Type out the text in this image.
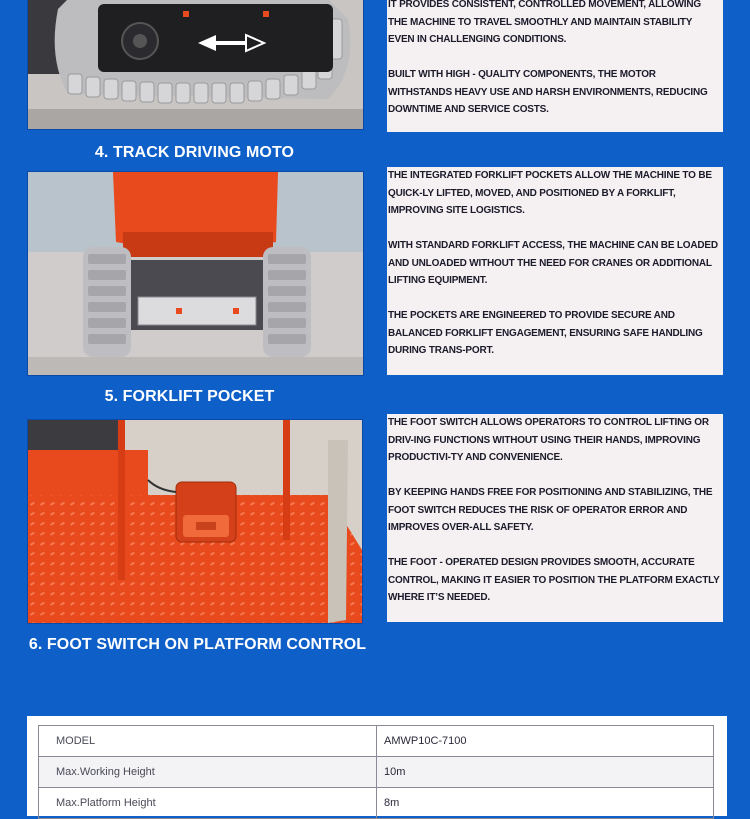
IT PROVIDES CONSISTENT, CONTROLLED MOVEMENT, ALLOWING THE MACHINE TO TRAVEL SMOOTHLY AND MAINTAIN STABILITY EVEN IN CHALLENGING CONDITIONS.

BUILT WITH HIGH - QUALITY COMPONENTS, THE MOTOR WITHSTANDS HEAVY USE AND HARSH ENVIRONMENTS, REDUCING DOWNTIME AND SERVICE COSTS.

4. TRACK DRIVING MOTO

THE INTEGRATED FORKLIFT POCKETS ALLOW THE MACHINE TO BE QUICK-LY LIFTED, MOVED, AND POSITIONED BY A FORKLIFT, IMPROVING SITE LOGISTICS.

WITH STANDARD FORKLIFT ACCESS, THE MACHINE CAN BE LOADED AND UNLOADED WITHOUT THE NEED FOR CRANES OR ADDITIONAL LIFTING EQUIPMENT.

THE POCKETS ARE ENGINEERED TO PROVIDE SECURE AND BALANCED FORKLIFT ENGAGEMENT, ENSURING SAFE HANDLING DURING TRANS-PORT.

5. FORKLIFT POCKET

THE FOOT SWITCH ALLOWS OPERATORS TO CONTROL LIFTING OR DRIV-ING FUNCTIONS WITHOUT USING THEIR HANDS, IMPROVING PRODUCTIVI-TY AND CONVENIENCE.

BY KEEPING HANDS FREE FOR POSITIONING AND STABILIZING, THE FOOT SWITCH REDUCES THE RISK OF OPERATOR ERROR AND IMPROVES OVER-ALL SAFETY.

THE FOOT - OPERATED DESIGN PROVIDES SMOOTH, ACCURATE CONTROL, MAKING IT EASIER TO POSITION THE PLATFORM EXACTLY WHERE IT’S NEEDED.

6. FOOT SWITCH ON PLATFORM CONTROL
MODEL	AMWP10C-7100
Max.Working Height	10m
Max.Platform Height	8m
